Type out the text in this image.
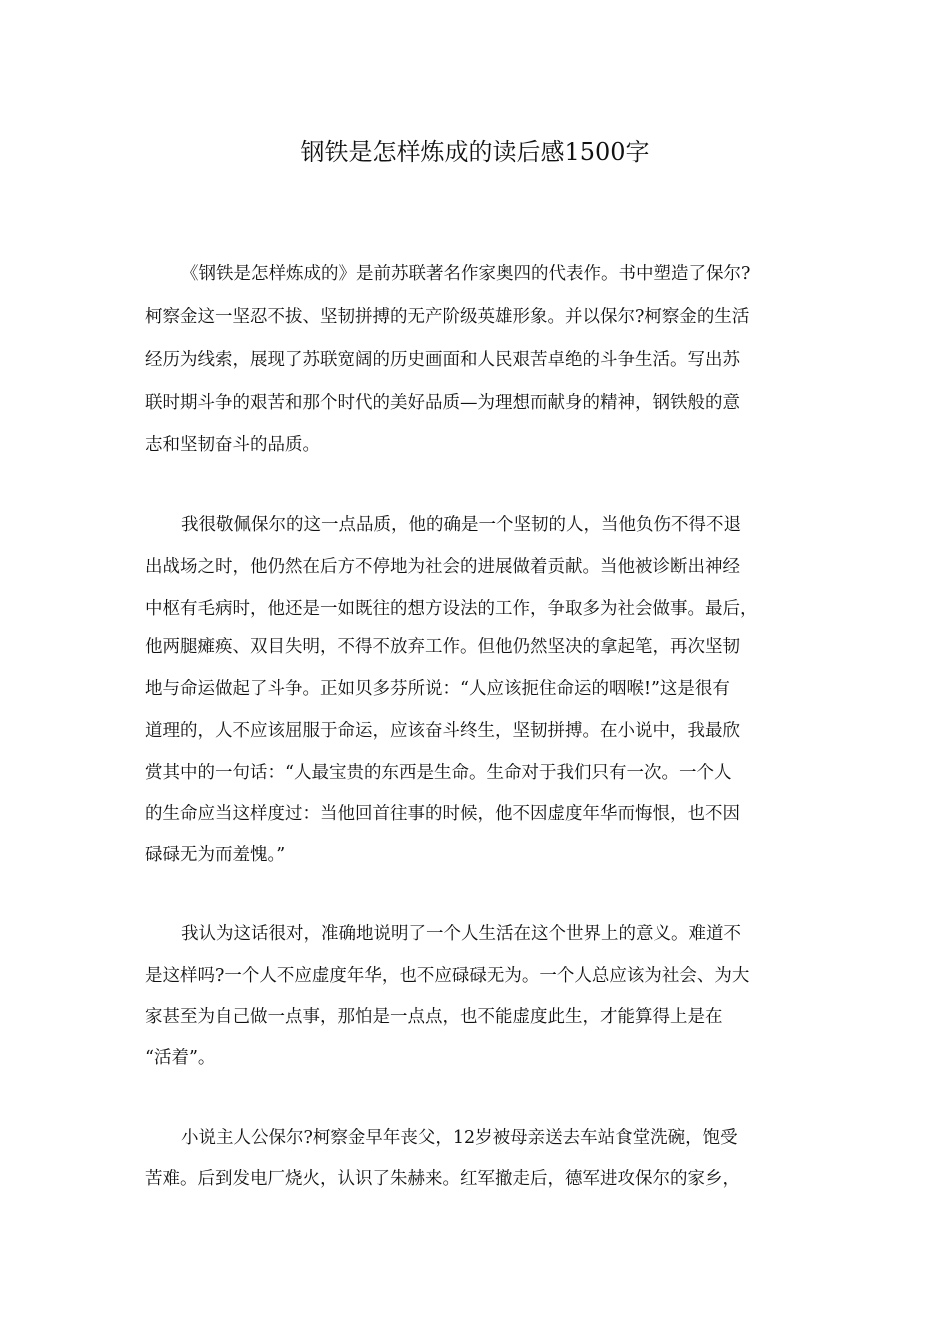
钢铁是怎样炼成的读后感1500字
《钢铁是怎样炼成的》是前苏联著名作家奥四的代表作。书中塑造了保尔?
柯察金这一坚忍不拔、坚韧拼搏的无产阶级英雄形象。并以保尔?柯察金的生活
经历为线索，展现了苏联宽阔的历史画面和人民艰苦卓绝的斗争生活。写出苏
联时期斗争的艰苦和那个时代的美好品质—为理想而献身的精神，钢铁般的意
志和坚韧奋斗的品质。
我很敬佩保尔的这一点品质，他的确是一个坚韧的人，当他负伤不得不退
出战场之时，他仍然在后方不停地为社会的进展做着贡献。当他被诊断出神经
中枢有毛病时，他还是一如既往的想方设法的工作，争取多为社会做事。最后，
他两腿瘫痪、双目失明，不得不放弃工作。但他仍然坚决的拿起笔，再次坚韧
地与命运做起了斗争。正如贝多芬所说：“人应该扼住命运的咽喉!”这是很有
道理的，人不应该屈服于命运，应该奋斗终生，坚韧拼搏。在小说中，我最欣
赏其中的一句话：“人最宝贵的东西是生命。生命对于我们只有一次。一个人
的生命应当这样度过：当他回首往事的时候，他不因虚度年华而悔恨，也不因
碌碌无为而羞愧。”
我认为这话很对，准确地说明了一个人生活在这个世界上的意义。难道不
是这样吗?一个人不应虚度年华，也不应碌碌无为。一个人总应该为社会、为大
家甚至为自己做一点事，那怕是一点点，也不能虚度此生，才能算得上是在
“活着”。
小说主人公保尔?柯察金早年丧父，12岁被母亲送去车站食堂洗碗，饱受
苦难。后到发电厂烧火，认识了朱赫来。红军撤走后，德军进攻保尔的家乡，
